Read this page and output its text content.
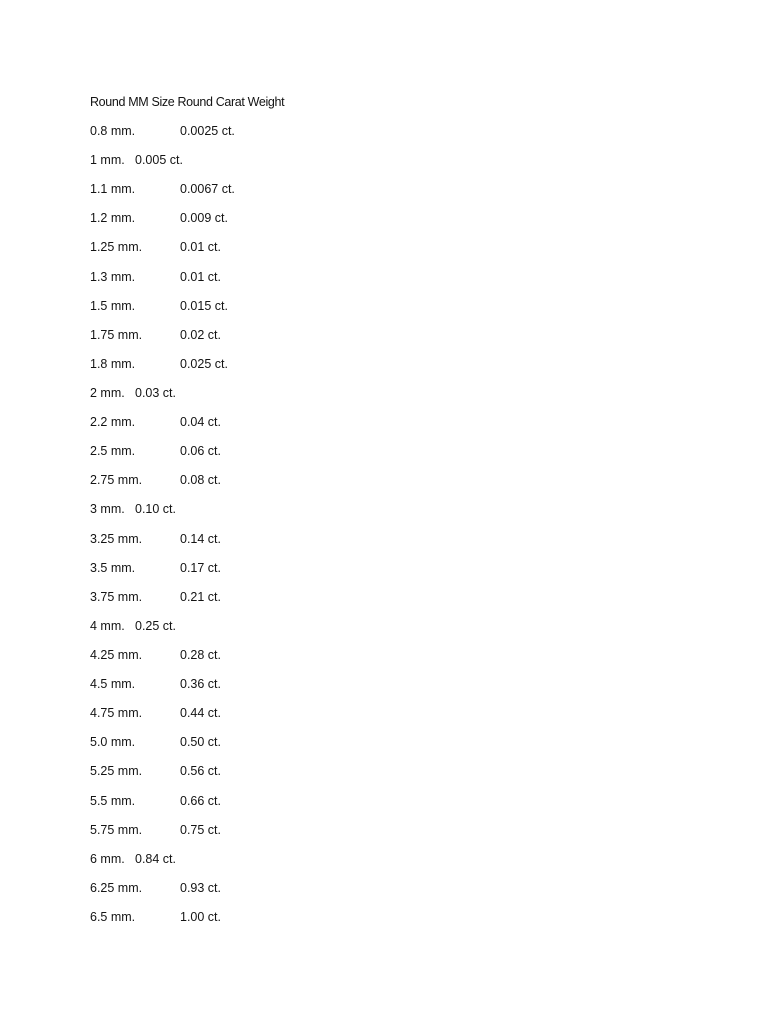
Round MM Size Round Carat Weight
0.8 mm.	0.0025 ct.
1 mm. 0.005 ct.
1.1 mm.	0.0067 ct.
1.2 mm.	0.009 ct.
1.25 mm.	0.01 ct.
1.3 mm.	0.01 ct.
1.5 mm.	0.015 ct.
1.75 mm.	0.02 ct.
1.8 mm.	0.025 ct.
2 mm. 0.03 ct.
2.2 mm.	0.04 ct.
2.5 mm.	0.06 ct.
2.75 mm.	0.08 ct.
3 mm. 0.10 ct.
3.25 mm.	0.14 ct.
3.5 mm.	0.17 ct.
3.75 mm.	0.21 ct.
4 mm. 0.25 ct.
4.25 mm.	0.28 ct.
4.5 mm.	0.36 ct.
4.75 mm.	0.44 ct.
5.0 mm.	0.50 ct.
5.25 mm.	0.56 ct.
5.5 mm.	0.66 ct.
5.75 mm.	0.75 ct.
6 mm. 0.84 ct.
6.25 mm.	0.93 ct.
6.5 mm.	1.00 ct.
